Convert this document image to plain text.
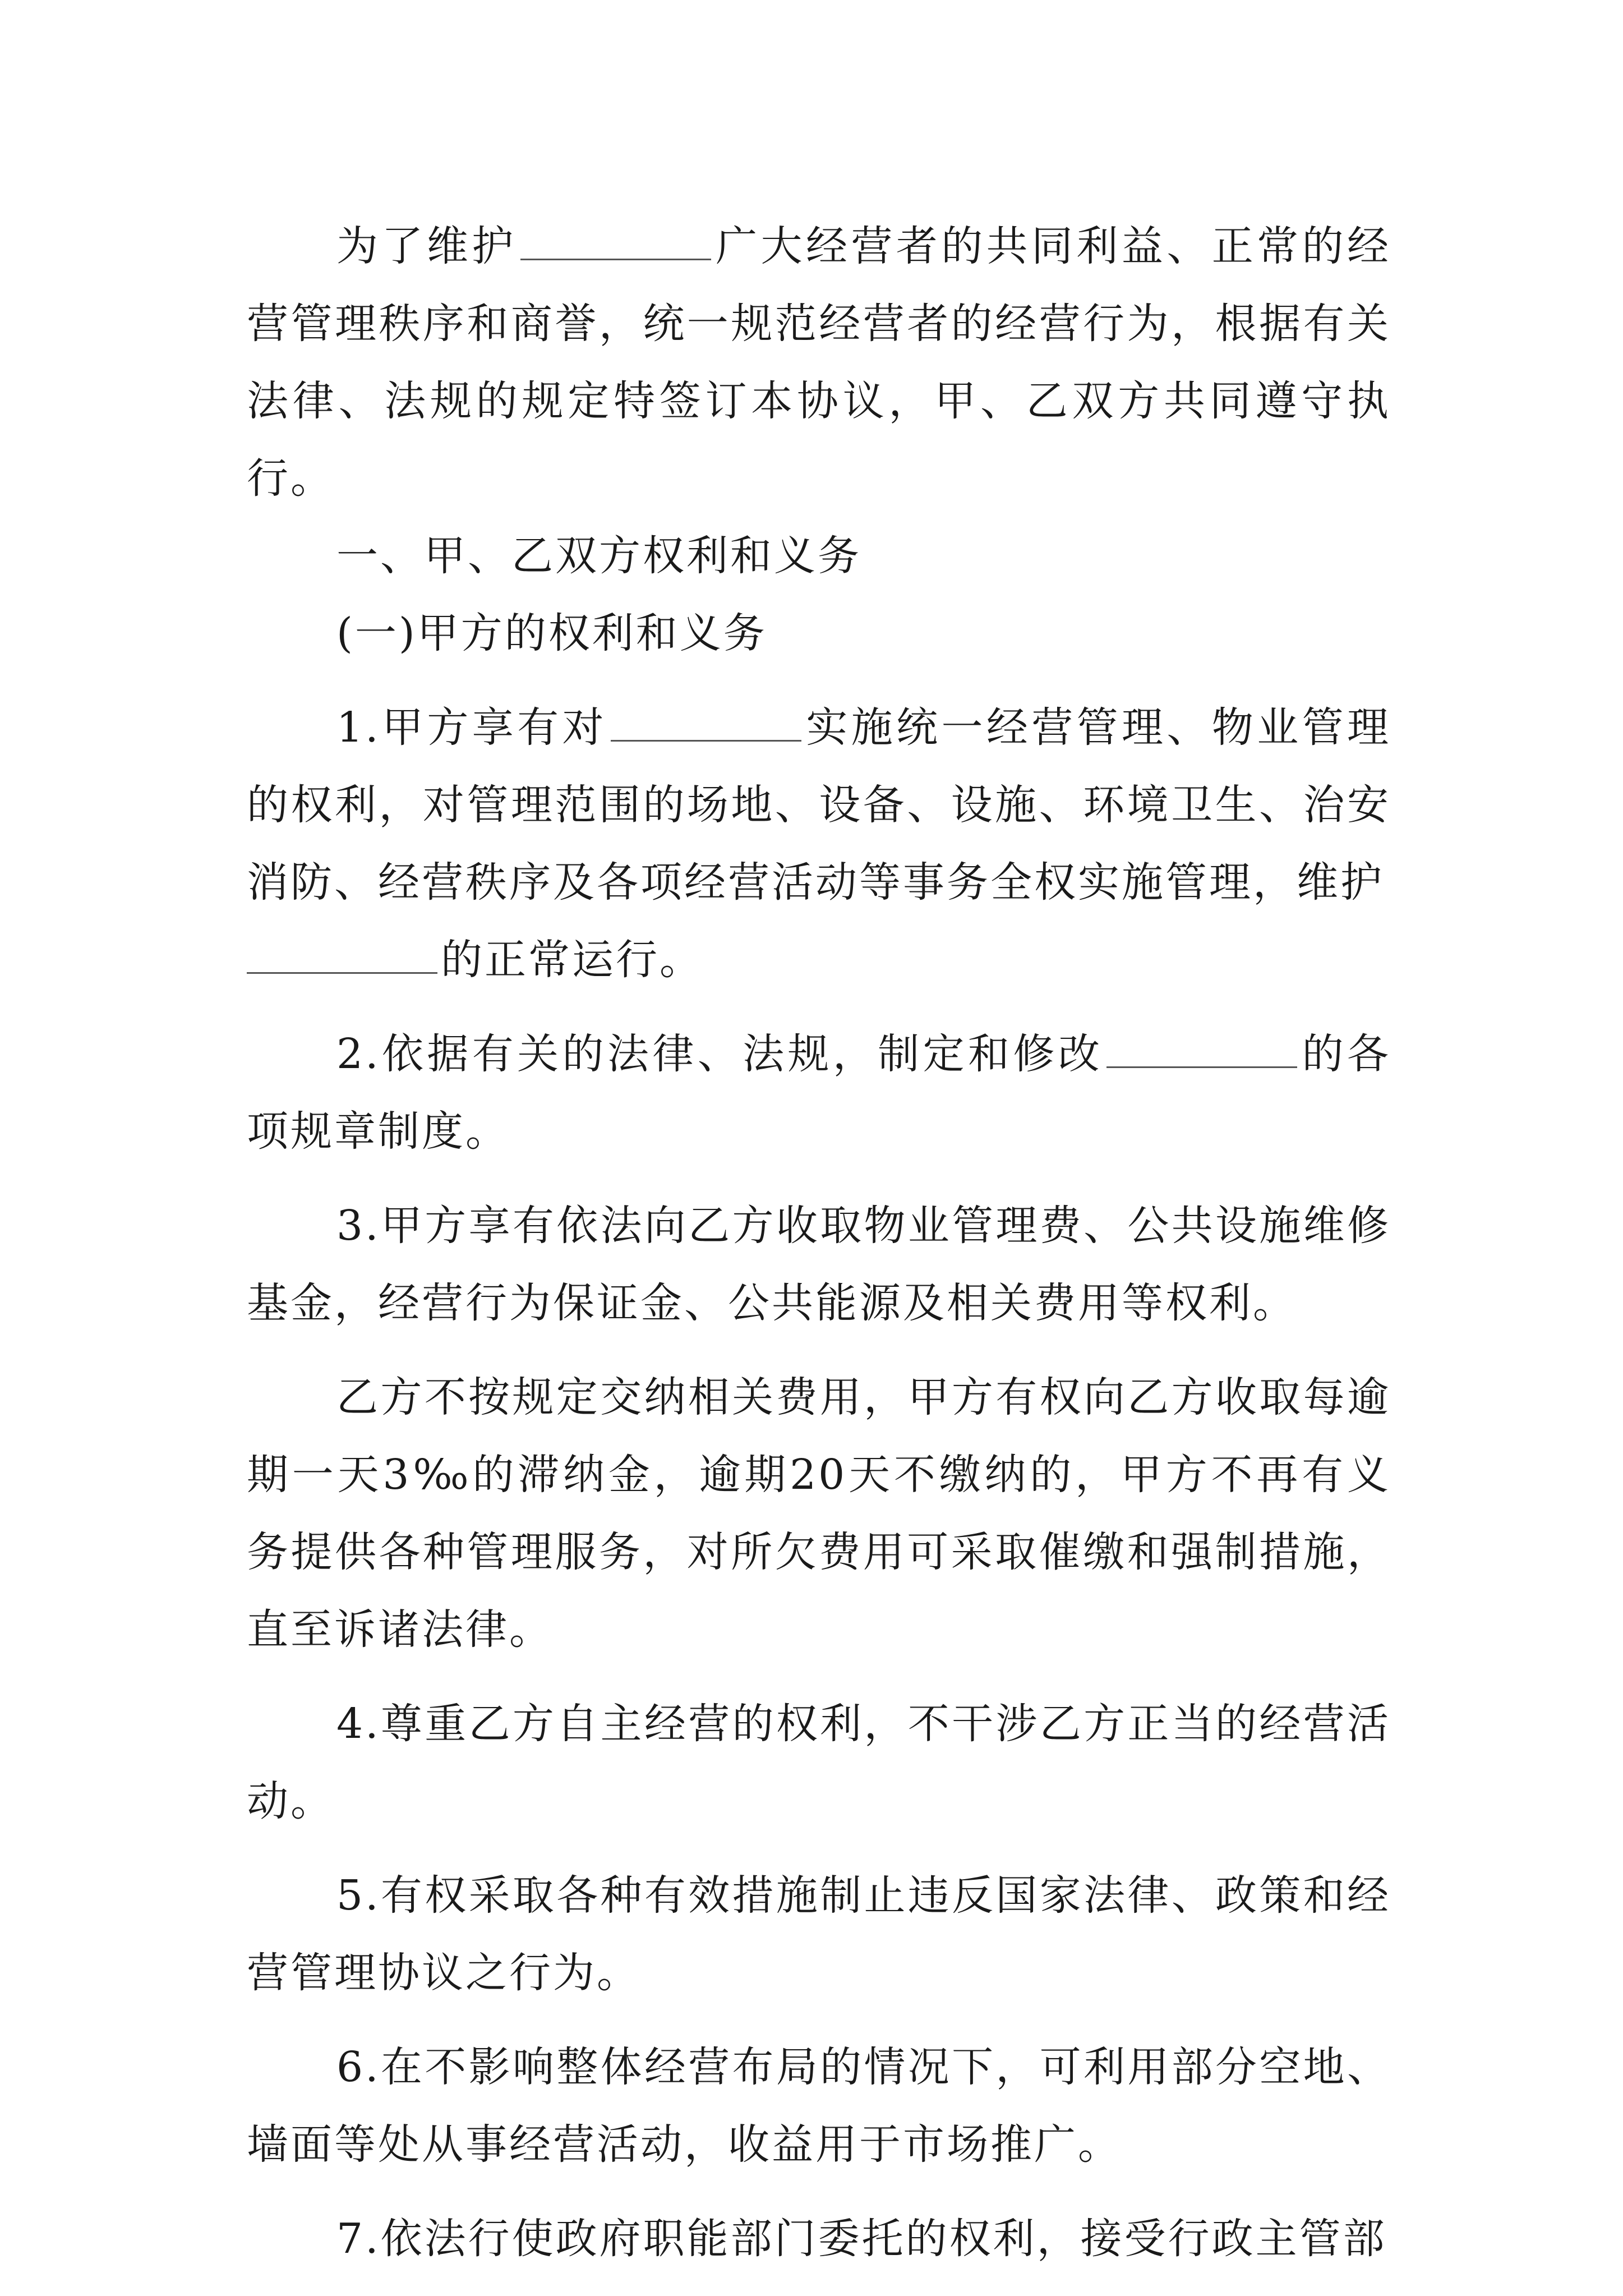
为了维护	广大经营者的共同利益、正常的经营管理秩序和商誉，统一规范经营者的经营行为，根据有关法律、法规的规定特签订本协议，甲、乙双方共同遵守执行。

一、甲、乙双方权利和义务

(一)甲方的权利和义务

1.甲方享有对	实施统一经营管理、物业管理的权利，对管理范围的场地、设备、设施、环境卫生、治安消防、经营秩序及各项经营活动等事务全权实施管理，维护
的正常运行。

2.依据有关的法律、法规，制定和修改	的各项规章制度。

3.甲方享有依法向乙方收取物业管理费、公共设施维修基金，经营行为保证金、公共能源及相关费用等权利。

乙方不按规定交纳相关费用，甲方有权向乙方收取每逾期一天3‰的滞纳金，逾期20天不缴纳的，甲方不再有义务提供各种管理服务，对所欠费用可采取催缴和强制措施，直至诉诸法律。

4.尊重乙方自主经营的权利，不干涉乙方正当的经营活动。

5.有权采取各种有效措施制止违反国家法律、政策和经营管理协议之行为。

6.在不影响整体经营布局的情况下，可利用部分空地、墙面等处从事经营活动，收益用于市场推广。

7.依法行使政府职能部门委托的权利，接受行政主管部
